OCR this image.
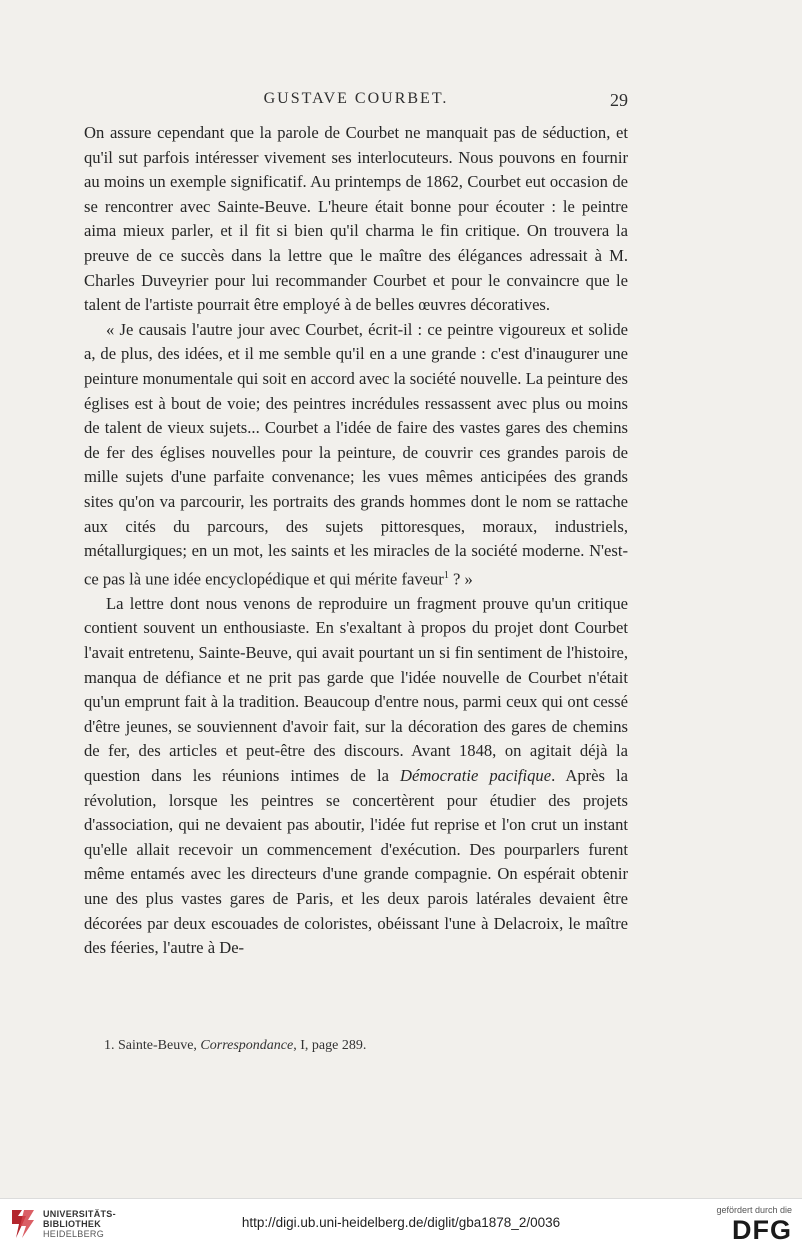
GUSTAVE COURBET.	29

On assure cependant que la parole de Courbet ne manquait pas de séduction, et qu'il sut parfois intéresser vivement ses interlocuteurs. Nous pouvons en fournir au moins un exemple significatif. Au printemps de 1862, Courbet eut occasion de se rencontrer avec Sainte-Beuve. L'heure était bonne pour écouter : le peintre aima mieux parler, et il fit si bien qu'il charma le fin critique. On trouvera la preuve de ce succès dans la lettre que le maître des élégances adressait à M. Charles Duveyrier pour lui recommander Courbet et pour le convaincre que le talent de l'artiste pourrait être employé à de belles œuvres décoratives.

« Je causais l'autre jour avec Courbet, écrit-il : ce peintre vigoureux et solide a, de plus, des idées, et il me semble qu'il en a une grande : c'est d'inaugurer une peinture monumentale qui soit en accord avec la société nouvelle. La peinture des églises est à bout de voie; des peintres incrédules ressassent avec plus ou moins de talent de vieux sujets... Courbet a l'idée de faire des vastes gares des chemins de fer des églises nouvelles pour la peinture, de couvrir ces grandes parois de mille sujets d'une parfaite convenance; les vues mêmes anticipées des grands sites qu'on va parcourir, les portraits des grands hommes dont le nom se rattache aux cités du parcours, des sujets pittoresques, moraux, industriels, métallurgiques; en un mot, les saints et les miracles de la société moderne. N'est-ce pas là une idée encyclopédique et qui mérite faveur$^1$ ? »

La lettre dont nous venons de reproduire un fragment prouve qu'un critique contient souvent un enthousiaste. En s'exaltant à propos du projet dont Courbet l'avait entretenu, Sainte-Beuve, qui avait pourtant un si fin sentiment de l'histoire, manqua de défiance et ne prit pas garde que l'idée nouvelle de Courbet n'était qu'un emprunt fait à la tradition. Beaucoup d'entre nous, parmi ceux qui ont cessé d'être jeunes, se souviennent d'avoir fait, sur la décoration des gares de chemins de fer, des articles et peut-être des discours. Avant 1848, on agitait déjà la question dans les réunions intimes de la Démocratie pacifique. Après la révolution, lorsque les peintres se concertèrent pour étudier des projets d'association, qui ne devaient pas aboutir, l'idée fut reprise et l'on crut un instant qu'elle allait recevoir un commencement d'exécution. Des pourparlers furent même entamés avec les directeurs d'une grande compagnie. On espérait obtenir une des plus vastes gares de Paris, et les deux parois latérales devaient être décorées par deux escouades de coloristes, obéissant l'une à Delacroix, le maître des féeries, l'autre à De-

1. Sainte-Beuve, Correspondance, I, page 289.
UNIVERSITÄTS-
BIBLIOTHEK
HEIDELBERG
http://digi.ub.uni-heidelberg.de/diglit/gba1878_2/0036
gefördert durch die
DFG
